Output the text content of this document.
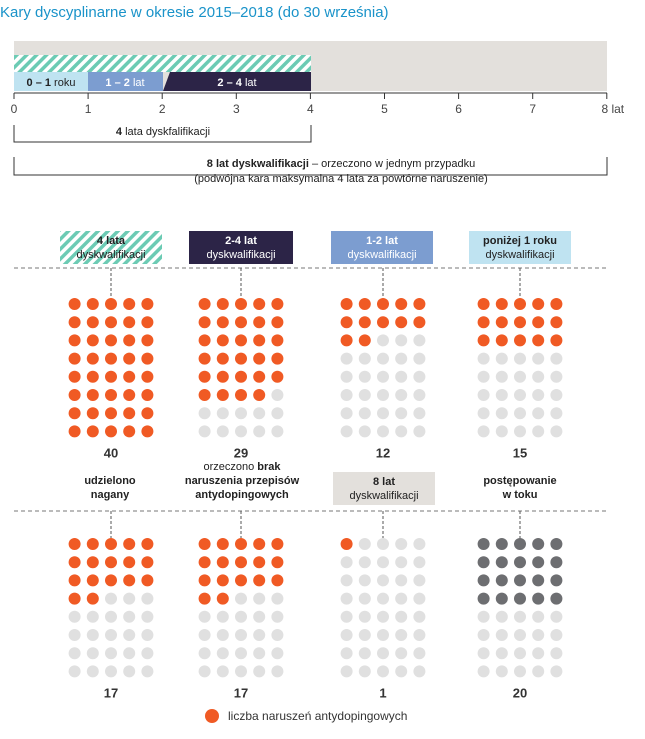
Kary dyscyplinarne w okresie 2015–2018 (do 30 września)
0 – 1 roku	1 – 2 lat	2 – 4 lat
0	1	2	3	4	5	6	7	8 lat
4 lata dyskfalifikacji
8 lat dyskwalifikacji – orzeczono w jednym przypadku
(podwójna kara maksymalna 4 lata za powtórne naruszenie)
4 lata
dyskwalifikacji
2-4 lat
dyskwalifikacji
1-2 lat
dyskwalifikacji
poniżej 1 roku
dyskwalifikacji
udzielono
nagany
orzeczono brak
naruszenia przepisów
antydopingowych
8 lat
dyskwalifikacji
postępowanie
w toku
40	29	12	15
17	17	1	20
liczba naruszeń antydopingowych
